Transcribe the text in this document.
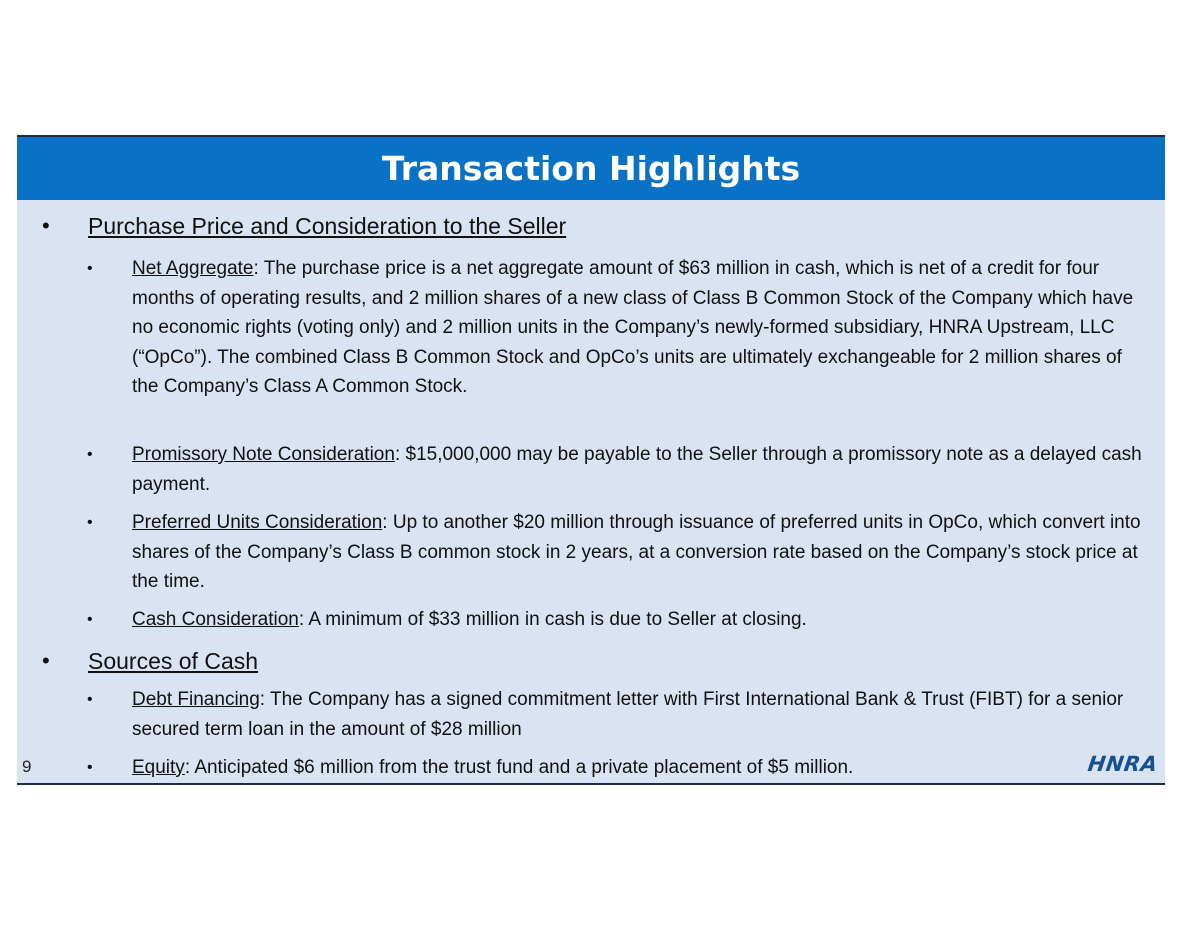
Transaction Highlights
• Purchase Price and Consideration to the Seller
• Net Aggregate: The purchase price is a net aggregate amount of $63 million in cash, which is net of a credit for four months of operating results, and 2 million shares of a new class of Class B Common Stock of the Company which have no economic rights (voting only) and 2 million units in the Company’s newly-formed subsidiary, HNRA Upstream, LLC (“OpCo”). The combined Class B Common Stock and OpCo’s units are ultimately exchangeable for 2 million shares of the Company’s Class A Common Stock.
• Promissory Note Consideration: $15,000,000 may be payable to the Seller through a promissory note as a delayed cash payment.
• Preferred Units Consideration: Up to another $20 million through issuance of preferred units in OpCo, which convert into shares of the Company’s Class B common stock in 2 years, at a conversion rate based on the Company’s stock price at the time.
• Cash Consideration: A minimum of $33 million in cash is due to Seller at closing.
• Sources of Cash
• Debt Financing: The Company has a signed commitment letter with First International Bank & Trust (FIBT) for a senior secured term loan in the amount of $28 million
• Equity: Anticipated $6 million from the trust fund and a private placement of $5 million.
9	HNRA
